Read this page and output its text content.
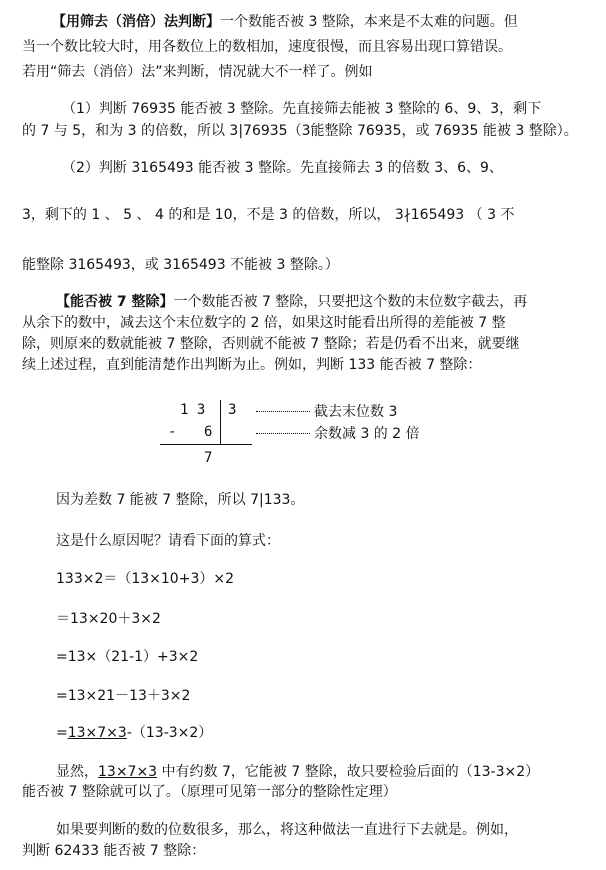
【用筛去（消倍）法判断】一个数能否被 3 整除，本来是不太难的问题。但
当一个数比较大时，用各数位上的数相加，速度很慢，而且容易出现口算错误。
若用“筛去（消倍）法”来判断，情况就大不一样了。例如
（1）判断 76935 能否被 3 整除。先直接筛去能被 3 整除的 6、9、3，剩下
的 7 与 5，和为 3 的倍数，所以 3|76935（3能整除 76935，或 76935 能被 3 整除）。
（2）判断 3165493 能否被 3 整除。先直接筛去 3 的倍数 3、6、9、
3，剩下的 1 、 5 、 4 的和是 10，不是 3 的倍数，所以， 3∤165493 （ 3 不
能整除 3165493，或 3165493 不能被 3 整除。）
【能否被 7 整除】一个数能否被 7 整除，只要把这个数的末位数字截去，再
从余下的数中，减去这个末位数字的 2 倍，如果这时能看出所得的差能被 7 整
除，则原来的数就能被 7 整除，否则就不能被 7 整除；若是仍看不出来，就要继
续上述过程，直到能清楚作出判断为止。例如，判断 133 能否被 7 整除：
1 3 3	截去末位数 3
- 6	余数减 3 的 2 倍
7
因为差数 7 能被 7 整除，所以 7|133。
这是什么原因呢？请看下面的算式：
133×2＝（13×10+3）×2
＝13×20＋3×2
=13×（21-1）+3×2
=13×21－13＋3×2
=13×7×3-（13-3×2）
显然，13×7×3 中有约数 7，它能被 7 整除，故只要检验后面的（13-3×2）
能否被 7 整除就可以了。（原理可见第一部分的整除性定理）
如果要判断的数的位数很多，那么，将这种做法一直进行下去就是。例如，
判断 62433 能否被 7 整除：
